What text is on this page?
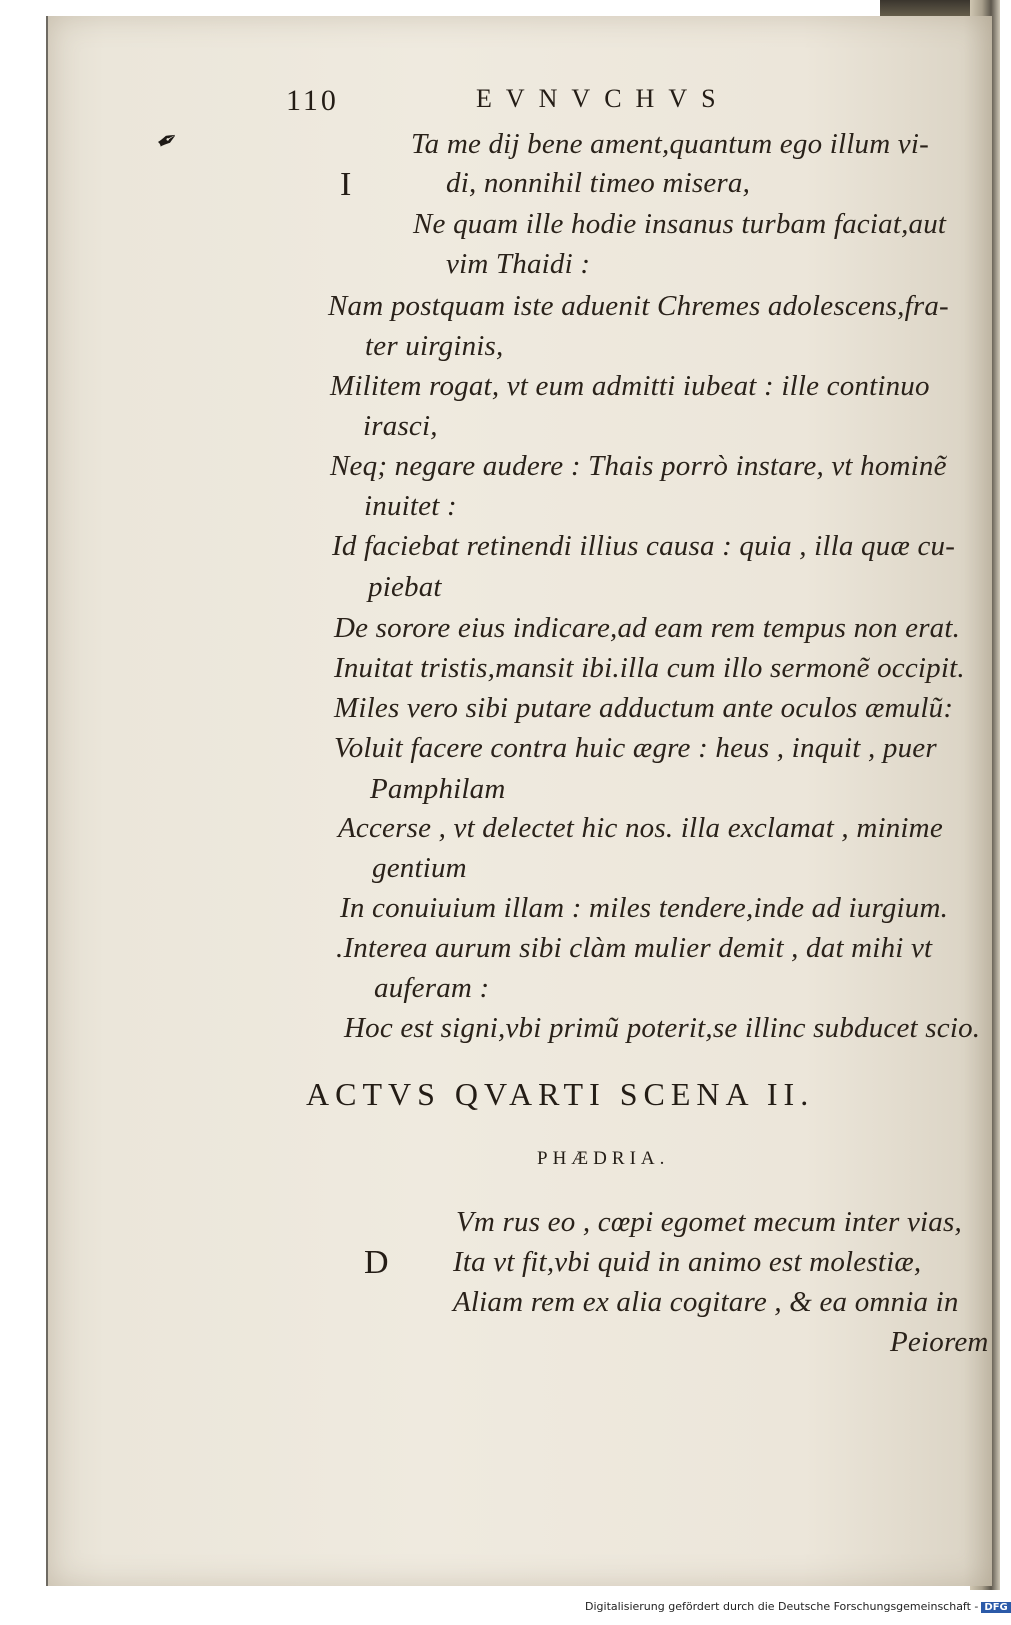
✒
110	EVNVCHVS
I
Ta me dij bene ament,quantum ego illum vi-
di, nonnihil timeo misera,
Ne quam ille hodie insanus turbam faciat,aut
vim Thaidi :
Nam postquam iste aduenit Chremes adolescens,fra-
ter uirginis,
Militem rogat, vt eum admitti iubeat : ille continuo
irasci,
Neq; negare audere : Thais porrò instare, vt hominẽ
inuitet :
Id faciebat retinendi illius causa : quia , illa quæ cu-
piebat
De sorore eius indicare,ad eam rem tempus non erat.
Inuitat tristis,mansit ibi.illa cum illo sermonẽ occipit.
Miles vero sibi putare adductum ante oculos æmulũ:
Voluit facere contra huic ægre : heus , inquit , puer
Pamphilam
Accerse , vt delectet hic nos. illa exclamat , minime
gentium
In conuiuium illam : miles tendere,inde ad iurgium.
.Interea aurum sibi clàm mulier demit , dat mihi vt
auferam :
Hoc est signi,vbi primũ poterit,se illinc subducet scio.
ACTVS QVARTI SCENA II.
PHÆDRIA.
D
Vm rus eo , cœpi egomet mecum inter vias,
Ita vt fit,vbi quid in animo est molestiæ,
Aliam rem ex alia cogitare , & ea omnia in
Peiorem
Digitalisierung gefördert durch die Deutsche Forschungsgemeinschaft - DFG
